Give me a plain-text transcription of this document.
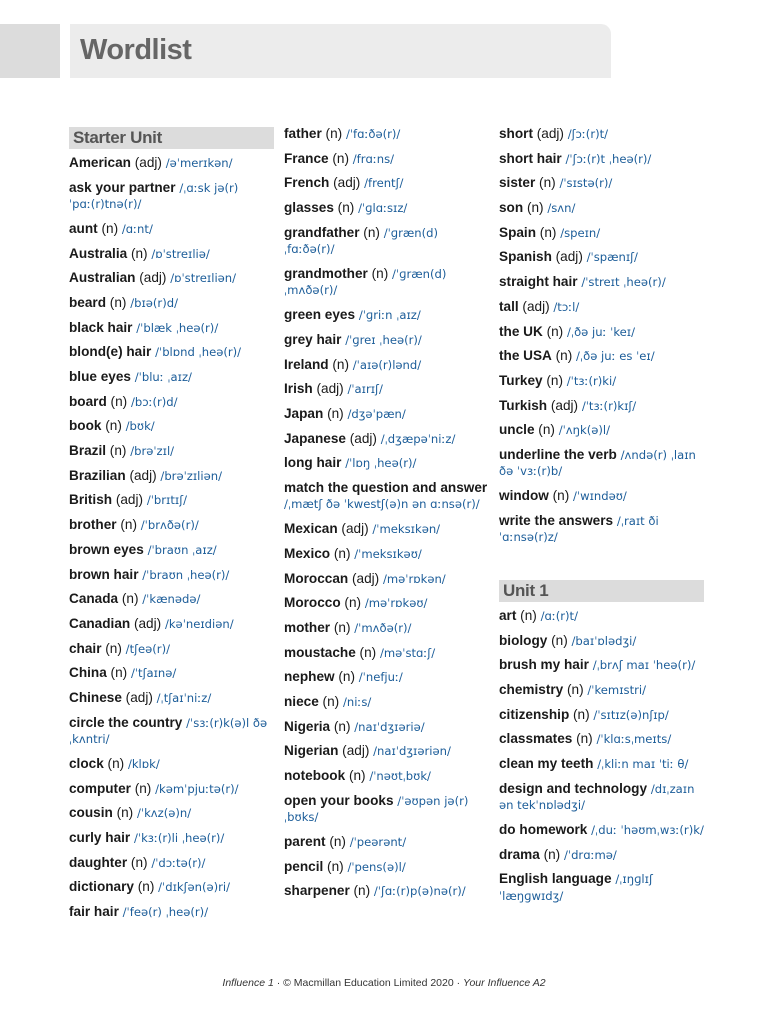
Wordlist
Starter Unit
American (adj) /əˈmerɪkən/
ask your partner /ˌɑːsk jə(r) ˈpɑː(r)tnə(r)/
aunt (n) /ɑːnt/
Australia (n) /ɒˈstreɪliə/
Australian (adj) /ɒˈstreɪliən/
beard (n) /bɪə(r)d/
black hair /ˈblæk ˌheə(r)/
blond(e) hair /ˈblɒnd ˌheə(r)/
blue eyes /ˈbluː ˌaɪz/
board (n) /bɔː(r)d/
book (n) /bʊk/
Brazil (n) /brəˈzɪl/
Brazilian (adj) /brəˈzɪliən/
British (adj) /ˈbrɪtɪʃ/
brother (n) /ˈbrʌðə(r)/
brown eyes /ˈbraʊn ˌaɪz/
brown hair /ˈbraʊn ˌheə(r)/
Canada (n) /ˈkænədə/
Canadian (adj) /kəˈneɪdiən/
chair (n) /tʃeə(r)/
China (n) /ˈtʃaɪnə/
Chinese (adj) /ˌtʃaɪˈniːz/
circle the country /ˈsɜː(r)k(ə)l ðə ˌkʌntri/
clock (n) /klɒk/
computer (n) /kəmˈpjuːtə(r)/
cousin (n) /ˈkʌz(ə)n/
curly hair /ˈkɜː(r)li ˌheə(r)/
daughter (n) /ˈdɔːtə(r)/
dictionary (n) /ˈdɪkʃən(ə)ri/
fair hair /ˈfeə(r) ˌheə(r)/
father (n) /ˈfɑːðə(r)/
France (n) /frɑːns/
French (adj) /frentʃ/
glasses (n) /ˈɡlɑːsɪz/
grandfather (n) /ˈɡræn(d) ˌfɑːðə(r)/
grandmother (n) /ˈɡræn(d) ˌmʌðə(r)/
green eyes /ˈɡriːn ˌaɪz/
grey hair /ˈɡreɪ ˌheə(r)/
Ireland (n) /ˈaɪə(r)lənd/
Irish (adj) /ˈaɪrɪʃ/
Japan (n) /dʒəˈpæn/
Japanese (adj) /ˌdʒæpəˈniːz/
long hair /ˈlɒŋ ˌheə(r)/
match the question and answer /ˌmætʃ ðə ˈkwestʃ(ə)n ən ɑːnsə(r)/
Mexican (adj) /ˈmeksɪkən/
Mexico (n) /ˈmeksɪkəʊ/
Moroccan (adj) /məˈrɒkən/
Morocco (n) /məˈrɒkəʊ/
mother (n) /ˈmʌðə(r)/
moustache (n) /məˈstɑːʃ/
nephew (n) /ˈnefjuː/
niece (n) /niːs/
Nigeria (n) /naɪˈdʒɪəriə/
Nigerian (adj) /naɪˈdʒɪəriən/
notebook (n) /ˈnəʊtˌbʊk/
open your books /ˈəʊpən jə(r) ˌbʊks/
parent (n) /ˈpeərənt/
pencil (n) /ˈpens(ə)l/
sharpener (n) /ˈʃɑː(r)p(ə)nə(r)/
short (adj) /ʃɔː(r)t/
short hair /ˈʃɔː(r)t ˌheə(r)/
sister (n) /ˈsɪstə(r)/
son (n) /sʌn/
Spain (n) /speɪn/
Spanish (adj) /ˈspænɪʃ/
straight hair /ˈstreɪt ˌheə(r)/
tall (adj) /tɔːl/
the UK (n) /ˌðə juː ˈkeɪ/
the USA (n) /ˌðə juː es ˈeɪ/
Turkey (n) /ˈtɜː(r)ki/
Turkish (adj) /ˈtɜː(r)kɪʃ/
uncle (n) /ˈʌŋk(ə)l/
underline the verb /ʌndə(r) ˌlaɪn ðə ˈvɜː(r)b/
window (n) /ˈwɪndəʊ/
write the answers /ˌraɪt ði ˈɑːnsə(r)z/
Unit 1
art (n) /ɑː(r)t/
biology (n) /baɪˈɒlədʒi/
brush my hair /ˌbrʌʃ maɪ ˈheə(r)/
chemistry (n) /ˈkemɪstri/
citizenship (n) /ˈsɪtɪz(ə)nʃɪp/
classmates (n) /ˈklɑːsˌmeɪts/
clean my teeth /ˌkliːn maɪ ˈtiː θ/
design and technology /dɪˌzaɪn ən tekˈnɒlədʒi/
do homework /ˌduː ˈhəʊmˌwɜː(r)k/
drama (n) /ˈdrɑːmə/
English language /ˌɪŋɡlɪʃ ˈlæŋɡwɪdʒ/
Influence 1 · © Macmillan Education Limited 2020 · Your Influence A2
